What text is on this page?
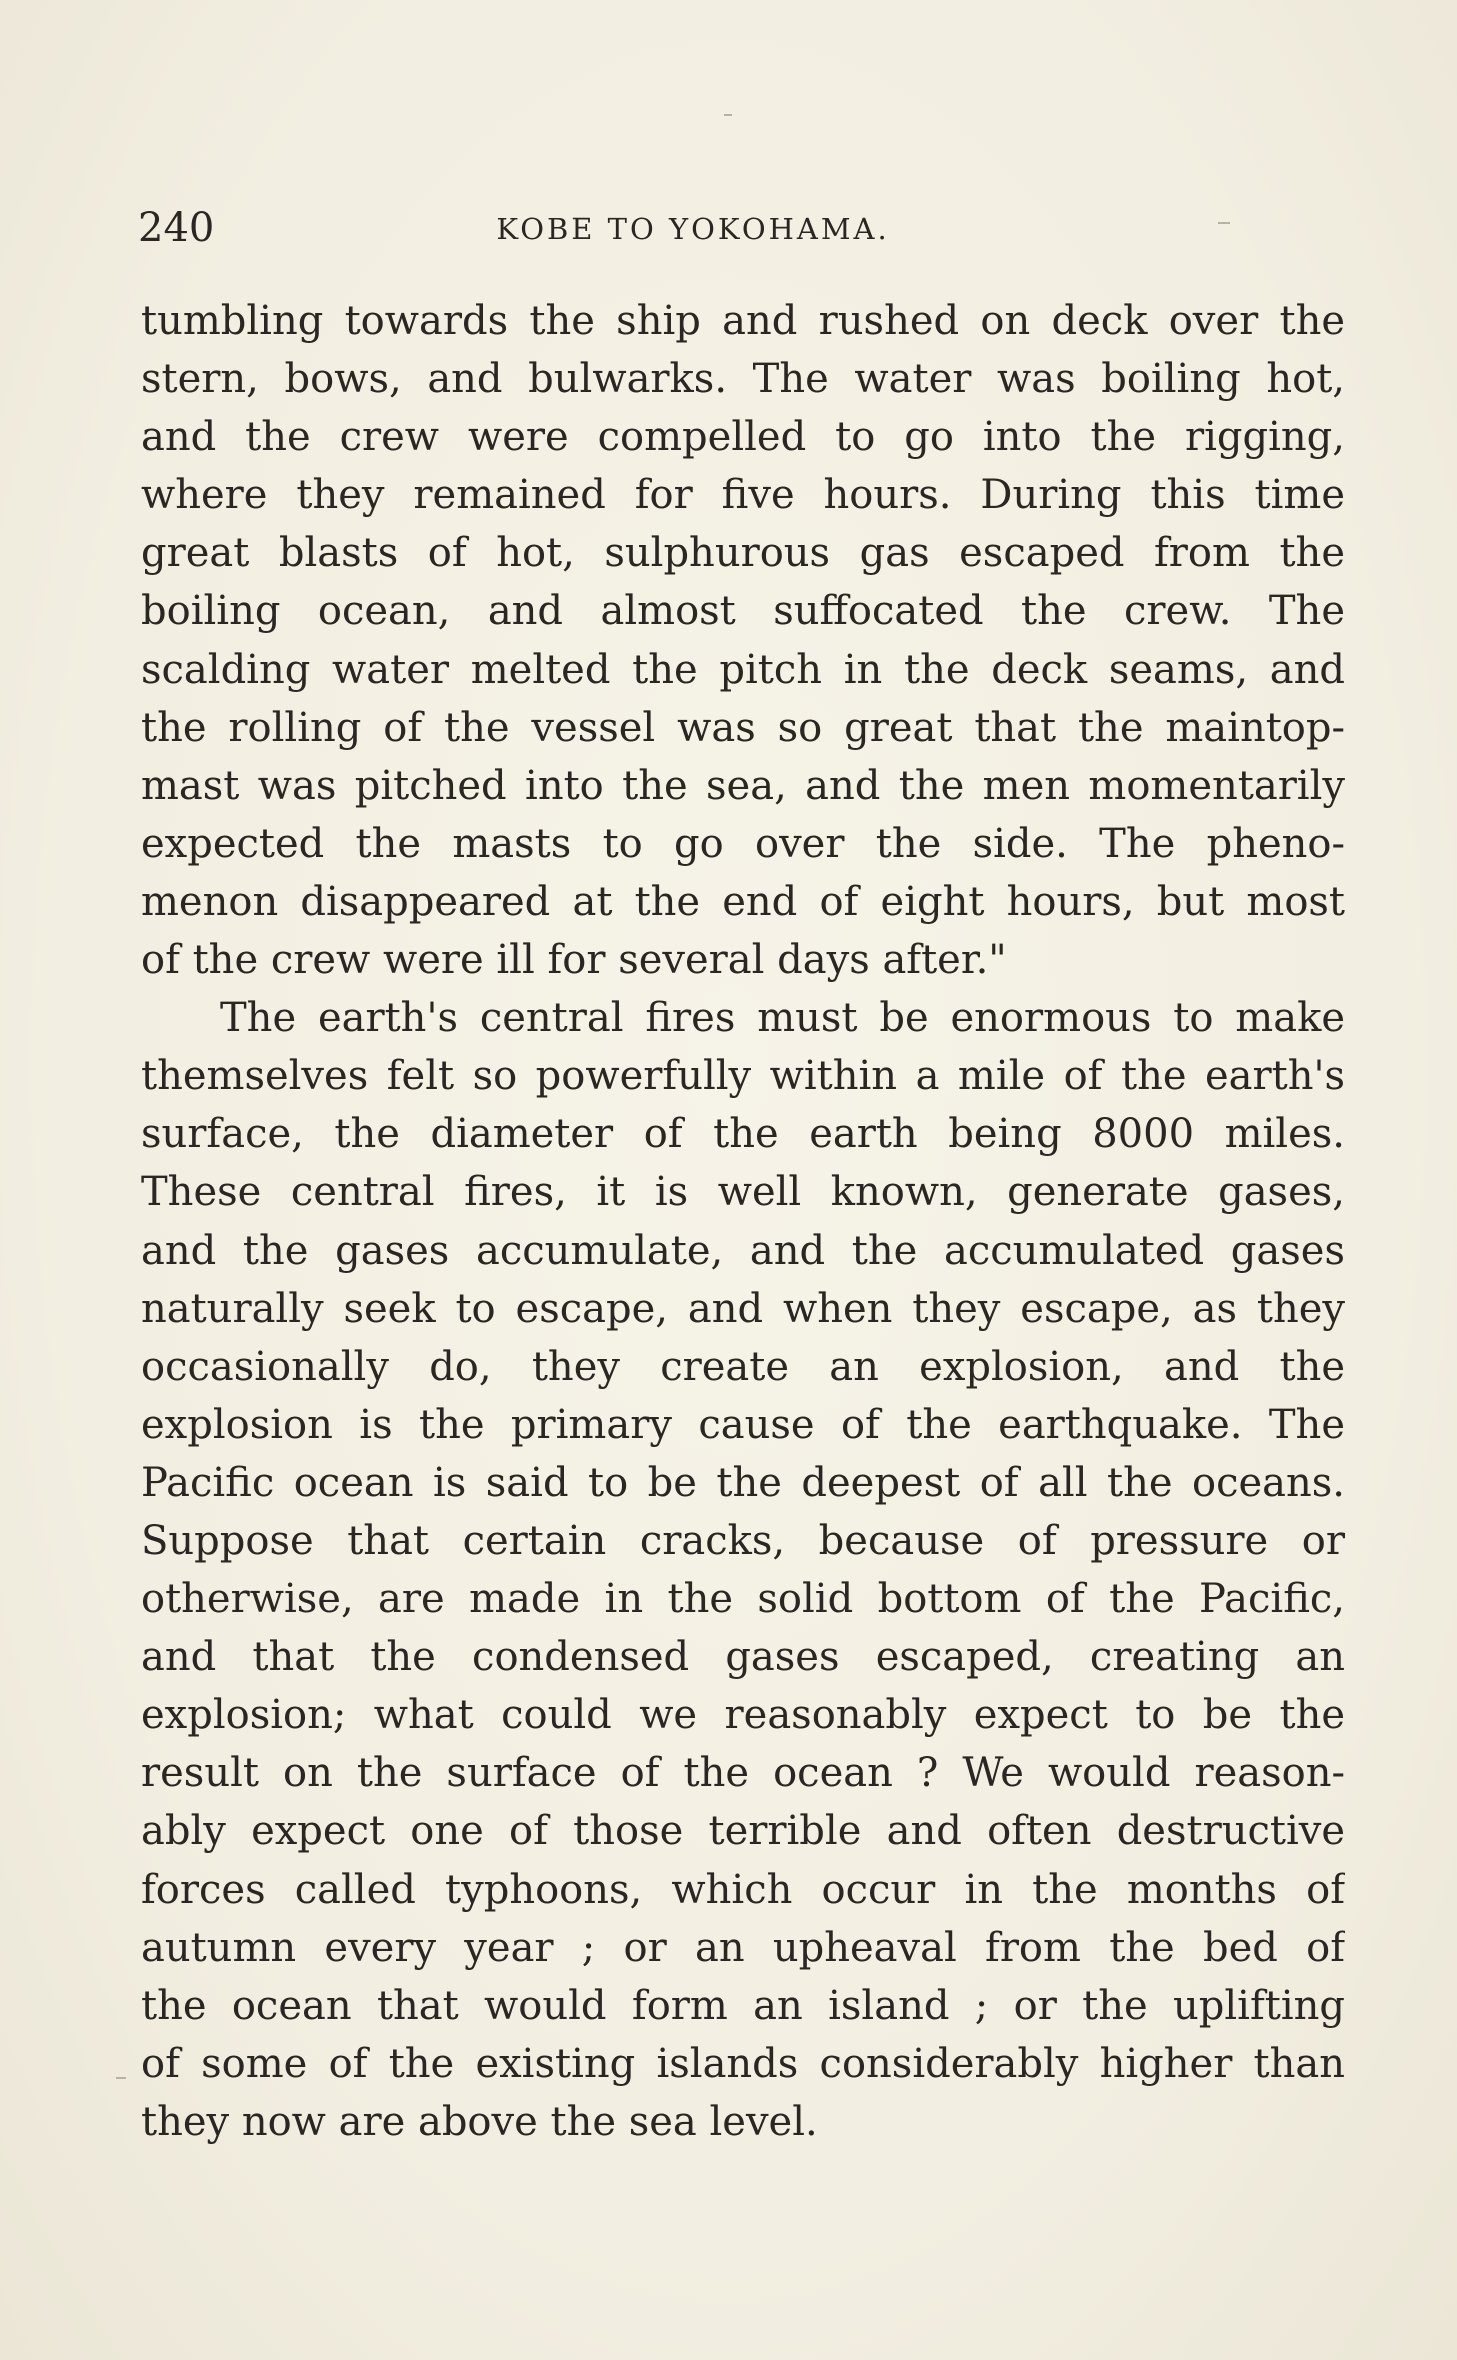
240	KOBE TO YOKOHAMA.
tumbling towards the ship and rushed on deck over the
stern, bows, and bulwarks. The water was boiling hot,
and the crew were compelled to go into the rigging,
where they remained for five hours. During this time
great blasts of hot, sulphurous gas escaped from the
boiling ocean, and almost suffocated the crew. The
scalding water melted the pitch in the deck seams, and
the rolling of the vessel was so great that the maintop-
mast was pitched into the sea, and the men momentarily
expected the masts to go over the side. The pheno-
menon disappeared at the end of eight hours, but most
of the crew were ill for several days after."
The earth's central fires must be enormous to make
themselves felt so powerfully within a mile of the earth's
surface, the diameter of the earth being 8000 miles.
These central fires, it is well known, generate gases,
and the gases accumulate, and the accumulated gases
naturally seek to escape, and when they escape, as they
occasionally do, they create an explosion, and the
explosion is the primary cause of the earthquake. The
Pacific ocean is said to be the deepest of all the oceans.
Suppose that certain cracks, because of pressure or
otherwise, are made in the solid bottom of the Pacific,
and that the condensed gases escaped, creating an
explosion; what could we reasonably expect to be the
result on the surface of the ocean ? We would reason-
ably expect one of those terrible and often destructive
forces called typhoons, which occur in the months of
autumn every year ; or an upheaval from the bed of
the ocean that would form an island ; or the uplifting
of some of the existing islands considerably higher than
they now are above the sea level.
